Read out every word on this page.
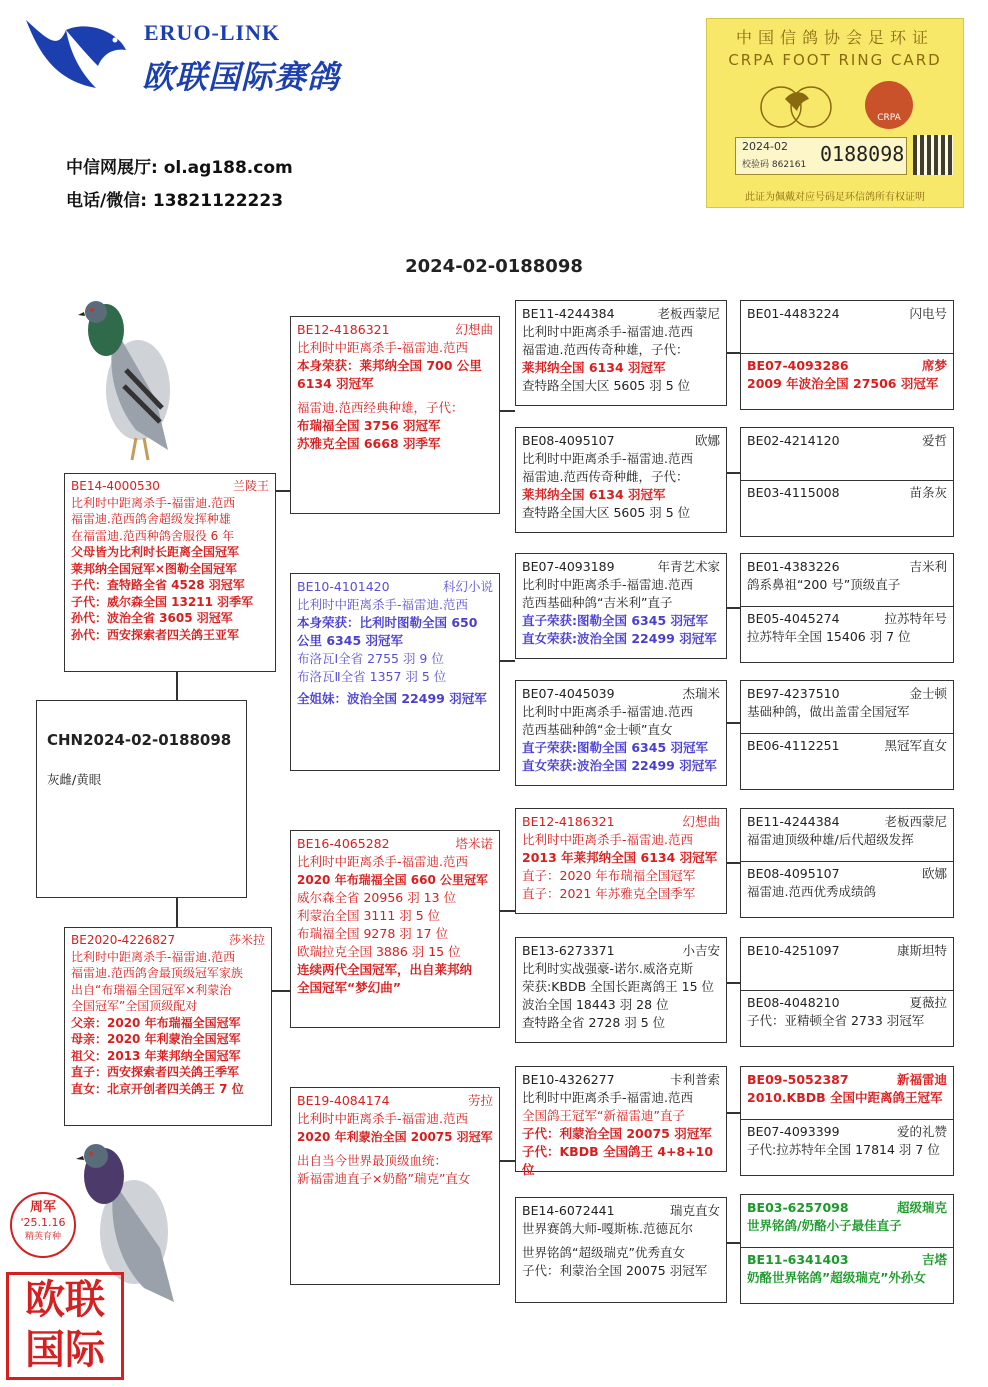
ERUO-LINK
欧联国际赛鸽
中信网展厅: ol.ag188.com
电话/微信: 13821122223
中国信鸽协会足环证
CRPA FOOT RING CARD
CRPA
2024-02
校验码 862161 0188098
此证为佩戴对应号码足环信鸽所有权证明
2024-02-0188098
周军
'25.1.16
精英育种
欧联国际
CHN2024-02-0188098
灰雌/黄眼
BE14-4000530	兰陵王
比利时中距离杀手-福雷迪.范西
福雷迪.范西鸽舍超级发挥种雄
在福雷迪.范西种鸽舍服役 6 年
父母皆为比利时长距离全国冠军
莱邦纳全国冠军×图勒全国冠军
子代：查特路全省 4528 羽冠军
子代：威尔森全国 13211 羽季军
孙代：波治全省 3605 羽冠军
孙代：西安探索者四关鸽王亚军
BE2020-4226827	莎米拉
比利时中距离杀手-福雷迪.范西
福雷迪.范西鸽舍最顶级冠军家族
出自“布瑞福全国冠军×利蒙治
全国冠军”全国顶级配对
父亲：2020 年布瑞福全国冠军
母亲：2020 年利蒙治全国冠军
祖父：2013 年莱邦纳全国冠军
直子：西安探索者四关鸽王季军
直女：北京开创者四关鸽王 7 位
BE12-4186321	幻想曲
比利时中距离杀手-福雷迪.范西
本身荣获：莱邦纳全国 700 公里
6134 羽冠军
福雷迪.范西经典种雄，子代：
布瑞福全国 3756 羽冠军
苏雅克全国 6668 羽季军
BE10-4101420	科幻小说
比利时中距离杀手-福雷迪.范西
本身荣获：比利时图勒全国 650
公里 6345 羽冠军
布洛瓦Ⅰ全省 2755 羽 9 位
布洛瓦Ⅱ全省 1357 羽 5 位
全姐妹：波治全国 22499 羽冠军
BE16-4065282	塔米诺
比利时中距离杀手-福雷迪.范西
2020 年布瑞福全国 660 公里冠军
威尔森全省 20956 羽 13 位
利蒙治全国 3111 羽 5 位
布瑞福全国 9278 羽 17 位
欧瑞拉克全国 3886 羽 15 位
连续两代全国冠军，出自莱邦纳
全国冠军“梦幻曲”
BE19-4084174	劳拉
比利时中距离杀手-福雷迪.范西
2020 年利蒙治全国 20075 羽冠军
出自当今世界最顶级血统：
新福雷迪直子×奶酪”瑞克”直女
BE11-4244384	老板西蒙尼
比利时中距离杀手-福雷迪.范西
福雷迪.范西传奇种雄，子代：
莱邦纳全国 6134 羽冠军
查特路全国大区 5605 羽 5 位
BE08-4095107	欧娜
比利时中距离杀手-福雷迪.范西
福雷迪.范西传奇种雌，子代：
莱邦纳全国 6134 羽冠军
查特路全国大区 5605 羽 5 位
BE07-4093189	年青艺术家
比利时中距离杀手-福雷迪.范西
范西基础种鸽“吉米利”直子
直子荣获:图勒全国 6345 羽冠军
直女荣获:波治全国 22499 羽冠军
BE07-4045039	杰瑞米
比利时中距离杀手-福雷迪.范西
范西基础种鸽“金士顿”直女
直子荣获:图勒全国 6345 羽冠军
直女荣获:波治全国 22499 羽冠军
BE12-4186321	幻想曲
比利时中距离杀手-福雷迪.范西
2013 年莱邦纳全国 6134 羽冠军
直子：2020 年布瑞福全国冠军
直子：2021 年苏雅克全国季军
BE13-6273371	小吉安
比利时实战强豪-诺尔.威洛克斯
荣获:KBDB 全国长距离鸽王 15 位
波治全国 18443 羽 28 位
查特路全省 2728 羽 5 位
BE10-4326277	卡利普索
比利时中距离杀手-福雷迪.范西
全国鸽王冠军“新福雷迪”直子
子代：利蒙治全国 20075 羽冠军
子代：KBDB 全国鸽王 4+8+10 位
BE14-6072441	瑞克直女
世界赛鸽大师-嘎斯栋.范德瓦尔
世界铭鸽“超级瑞克”优秀直女
子代：利蒙治全国 20075 羽冠军
BE01-4483224	闪电号
BE07-4093286	席梦
2009 年波治全国 27506 羽冠军
BE02-4214120	爱哲
BE03-4115008	苗条灰
BE01-4383226	吉米利
鸽系鼻祖“200 号”顶级直子
BE05-4045274	拉苏特年号
拉苏特年全国 15406 羽 7 位
BE97-4237510	金士顿
基础种鸽，做出盖雷全国冠军
BE06-4112251	黑冠军直女
BE11-4244384	老板西蒙尼
福雷迪顶级种雄/后代超级发挥
BE08-4095107	欧娜
福雷迪.范西优秀成绩鸽
BE10-4251097	康斯坦特
BE08-4048210	夏薇拉
子代：亚精顿全省 2733 羽冠军
BE09-5052387	新福雷迪
2010.KBDB 全国中距离鸽王冠军
BE07-4093399	爱的礼赞
子代:拉苏特年全国 17814 羽 7 位
BE03-6257098	超级瑞克
世界铭鸽/奶酪小子最佳直子
BE11-6341403	吉塔
奶酪世界铭鸽”超级瑞克”外孙女
